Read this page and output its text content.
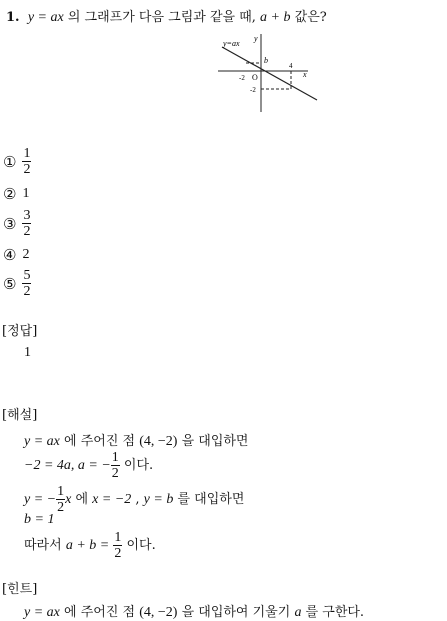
1. y = ax 의 그래프가 다음 그림과 같을 때, a + b 값은?
y=ax
y
x
O
b
4
-2
-2
① $\frac{1}{2}$
② 1
③ $\frac{3}{2}$
④ 2
⑤ $\frac{5}{2}$
[정답]
1
[해설]
y = ax 에 주어진 점 (4, −2) 을 대입하면
−2 = 4a, a = − $\frac{1}{2}$ 이다.
y = − $\frac{1}{2}$ x 에 x = −2 , y = b 를 대입하면
b = 1
따라서 $a + b = \frac{1}{2}$ 이다.
[힌트]
y = ax 에 주어진 점 (4, −2) 을 대입하여 기울기 a 를 구한다.
